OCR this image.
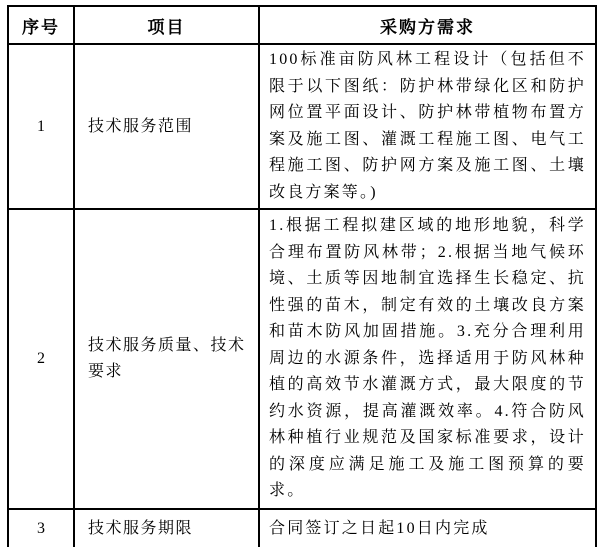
序号	项目	采购方需求
1	技术服务范围	100标准亩防风林工程设计（包括但不限于以下图纸：防护林带绿化区和防护网位置平面设计、防护林带植物布置方案及施工图、灌溉工程施工图、电气工程施工图、防护网方案及施工图、土壤改良方案等。)
2	技术服务质量、技术要求	1.根据工程拟建区域的地形地貌，科学合理布置防风林带；2.根据当地气候环境、土质等因地制宜选择生长稳定、抗性强的苗木，制定有效的土壤改良方案和苗木防风加固措施。3.充分合理利用周边的水源条件，选择适用于防风林种植的高效节水灌溉方式，最大限度的节约水资源，提高灌溉效率。4.符合防风林种植行业规范及国家标准要求，设计的深度应满足施工及施工图预算的要求。
3	技术服务期限	合同签订之日起10日内完成
